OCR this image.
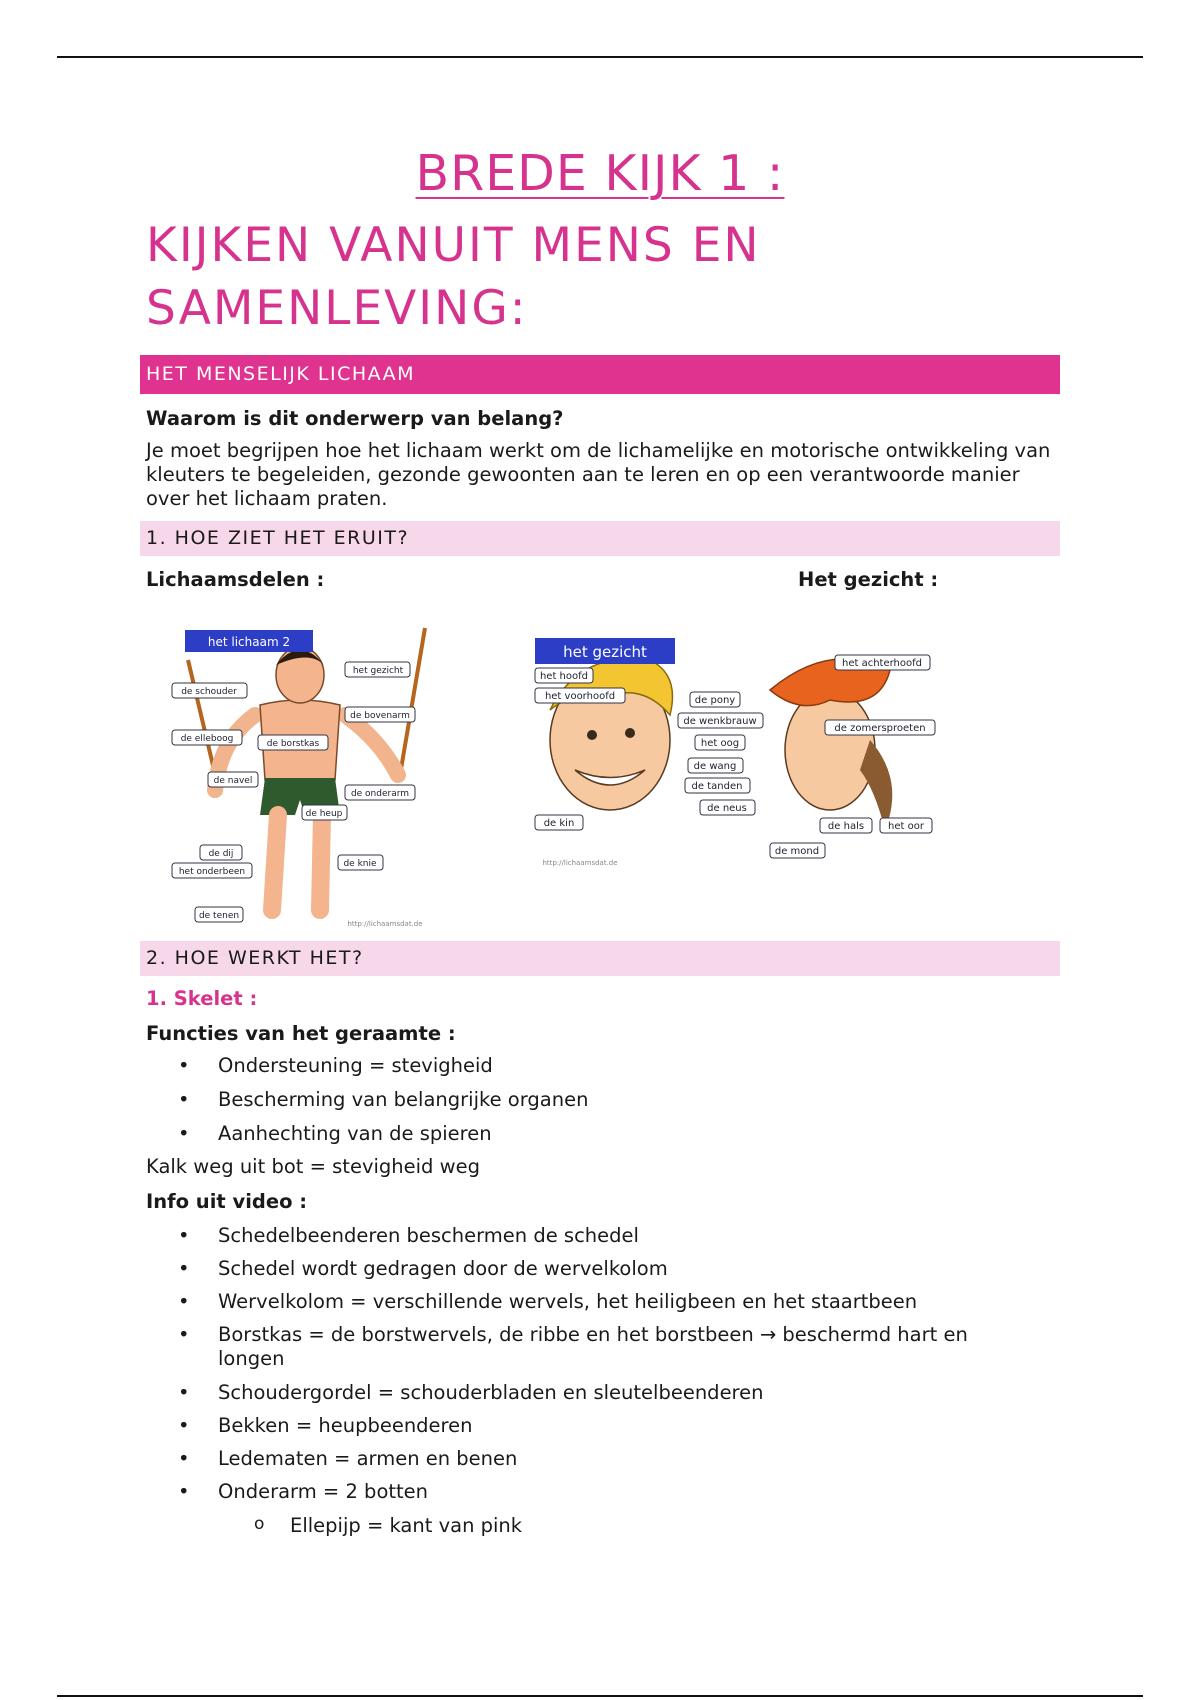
BREDE KIJK 1 :
KIJKEN VANUIT MENS EN
SAMENLEVING:
HET MENSELIJK LICHAAM
Waarom is dit onderwerp van belang?
Je moet begrijpen hoe het lichaam werkt om de lichamelijke en motorische ontwikkeling van kleuters te begeleiden, gezonde gewoonten aan te leren en op een verantwoorde manier over het lichaam praten.
1. HOE ZIET HET ERUIT?
Lichaamsdelen :	Het gezicht :
het lichaam 2
het gezicht
de schouder
de bovenarm
de elleboog	de borstkas
de navel
de onderarm
de heup
de dij
het onderbeen
de knie
de tenen
http://lichaamsdat.de
het gezicht
het hoofd
het voorhoofd	de pony
de wenkbrauw
het oog
de wang
de tanden
de neus
de kin
het achterhoofd
de zomersproeten
de hals het oor
de mond
http://lichaamsdat.de
2. HOE WERKT HET?
1. Skelet :
Functies van het geraamte :
• Ondersteuning = stevigheid
• Bescherming van belangrijke organen
• Aanhechting van de spieren
Kalk weg uit bot = stevigheid weg
Info uit video :
• Schedelbeenderen beschermen de schedel
• Schedel wordt gedragen door de wervelkolom
• Wervelkolom = verschillende wervels, het heiligbeen en het staartbeen
• Borstkas = de borstwervels, de ribbe en het borstbeen → beschermd hart en longen
• Schoudergordel = schouderbladen en sleutelbeenderen
• Bekken = heupbeenderen
• Ledematen = armen en benen
• Onderarm = 2 botten
o Ellepijp = kant van pink
